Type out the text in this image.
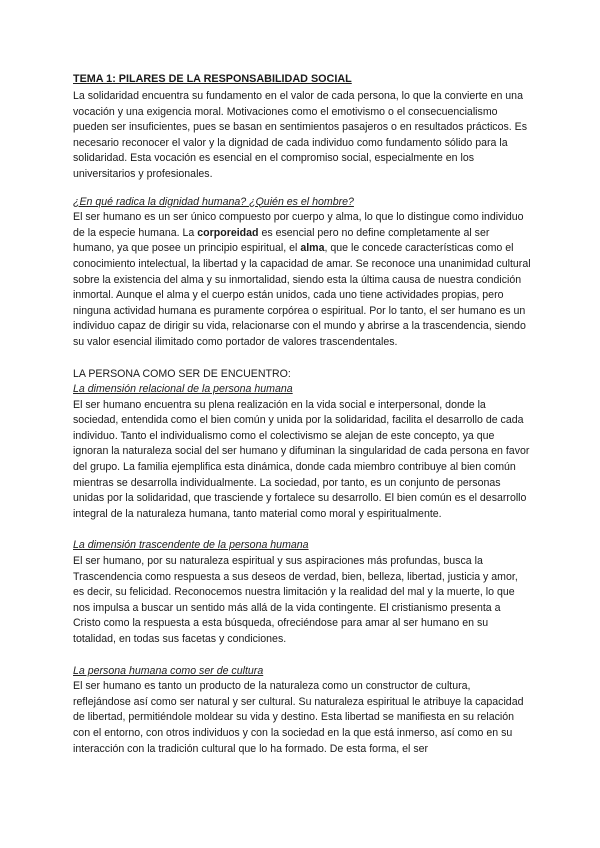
TEMA 1: PILARES DE LA RESPONSABILIDAD SOCIAL

La solidaridad encuentra su fundamento en el valor de cada persona, lo que la convierte en una vocación y una exigencia moral. Motivaciones como el emotivismo o el consecuencialismo pueden ser insuficientes, pues se basan en sentimientos pasajeros o en resultados prácticos. Es necesario reconocer el valor y la dignidad de cada individuo como fundamento sólido para la solidaridad. Esta vocación es esencial en el compromiso social, especialmente en los universitarios y profesionales.

¿En qué radica la dignidad humana? ¿Quién es el hombre?

El ser humano es un ser único compuesto por cuerpo y alma, lo que lo distingue como individuo de la especie humana. La corporeidad es esencial pero no define completamente al ser humano, ya que posee un principio espiritual, el alma, que le concede características como el conocimiento intelectual, la libertad y la capacidad de amar. Se reconoce una unanimidad cultural sobre la existencia del alma y su inmortalidad, siendo esta la última causa de nuestra condición inmortal. Aunque el alma y el cuerpo están unidos, cada uno tiene actividades propias, pero ninguna actividad humana es puramente corpórea o espiritual. Por lo tanto, el ser humano es un individuo capaz de dirigir su vida, relacionarse con el mundo y abrirse a la trascendencia, siendo su valor esencial ilimitado como portador de valores trascendentales.

LA PERSONA COMO SER DE ENCUENTRO:

La dimensión relacional de la persona humana

El ser humano encuentra su plena realización en la vida social e interpersonal, donde la sociedad, entendida como el bien común y unida por la solidaridad, facilita el desarrollo de cada individuo. Tanto el individualismo como el colectivismo se alejan de este concepto, ya que ignoran la naturaleza social del ser humano y difuminan la singularidad de cada persona en favor del grupo. La familia ejemplifica esta dinámica, donde cada miembro contribuye al bien común mientras se desarrolla individualmente. La sociedad, por tanto, es un conjunto de personas unidas por la solidaridad, que trasciende y fortalece su desarrollo. El bien común es el desarrollo integral de la naturaleza humana, tanto material como moral y espiritualmente.

La dimensión trascendente de la persona humana

El ser humano, por su naturaleza espiritual y sus aspiraciones más profundas, busca la Trascendencia como respuesta a sus deseos de verdad, bien, belleza, libertad, justicia y amor, es decir, su felicidad. Reconocemos nuestra limitación y la realidad del mal y la muerte, lo que nos impulsa a buscar un sentido más allá de la vida contingente. El cristianismo presenta a Cristo como la respuesta a esta búsqueda, ofreciéndose para amar al ser humano en su totalidad, en todas sus facetas y condiciones.

La persona humana como ser de cultura

El ser humano es tanto un producto de la naturaleza como un constructor de cultura, reflejándose así como ser natural y ser cultural. Su naturaleza espiritual le atribuye la capacidad de libertad, permitiéndole moldear su vida y destino. Esta libertad se manifiesta en su relación con el entorno, con otros individuos y con la sociedad en la que está inmerso, así como en su interacción con la tradición cultural que lo ha formado. De esta forma, el ser
